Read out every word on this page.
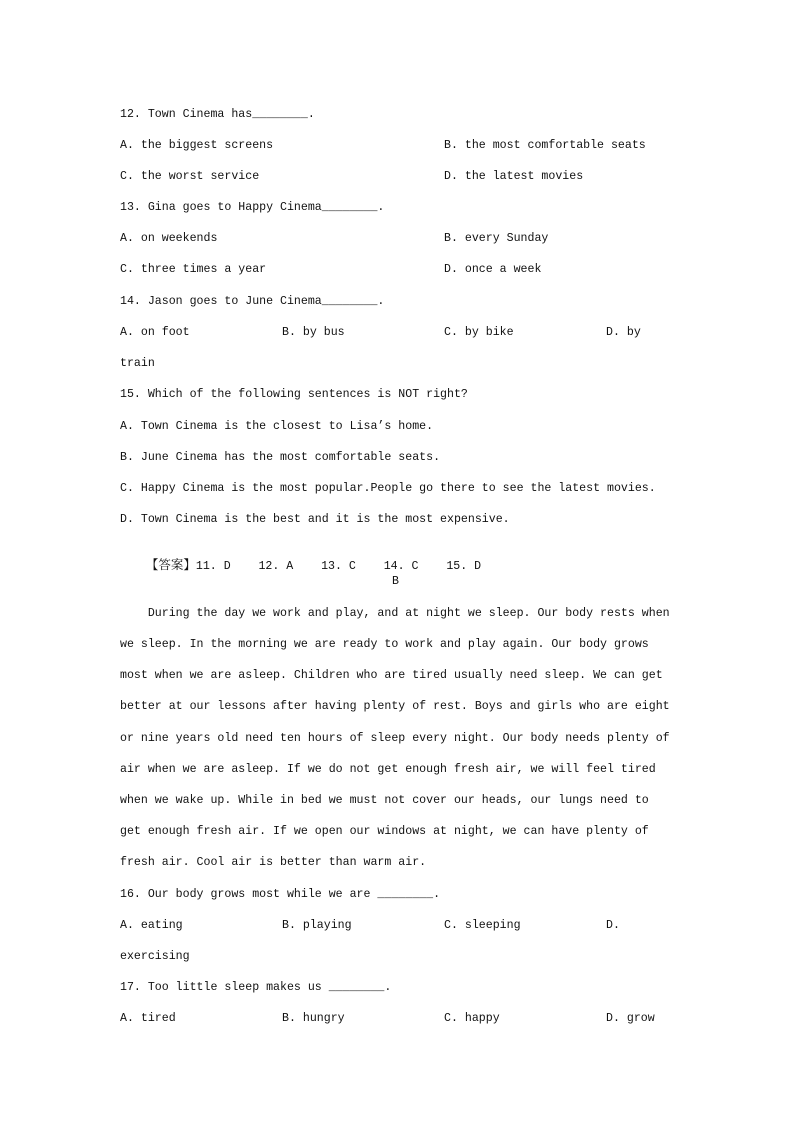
12. Town Cinema has________.
A. the biggest screens	B. the most comfortable seats
C. the worst service	D. the latest movies
13. Gina goes to Happy Cinema________.
A. on weekends	B. every Sunday
C. three times a year	D. once a week
14. Jason goes to June Cinema________.
A. on foot	B. by bus	C. by bike	D. by
train
15. Which of the following sentences is NOT right?
A. Town Cinema is the closest to Lisa’s home.
B. June Cinema has the most comfortable seats.
C. Happy Cinema is the most popular.People go there to see the latest movies.
D. Town Cinema is the best and it is the most expensive.

【答案】11. D    12. A    13. C    14. C    15. D

B
During the day we work and play, and at night we sleep. Our body rests when
we sleep. In the morning we are ready to work and play again. Our body grows
most when we are asleep. Children who are tired usually need sleep. We can get
better at our lessons after having plenty of rest. Boys and girls who are eight
or nine years old need ten hours of sleep every night. Our body needs plenty of
air when we are asleep. If we do not get enough fresh air, we will feel tired
when we wake up. While in bed we must not cover our heads, our lungs need to
get enough fresh air. If we open our windows at night, we can have plenty of
fresh air. Cool air is better than warm air.
16. Our body grows most while we are ________.
A. eating	B. playing	C. sleeping	D.
exercising
17. Too little sleep makes us ________.
A. tired	B. hungry	C. happy	D. grow
